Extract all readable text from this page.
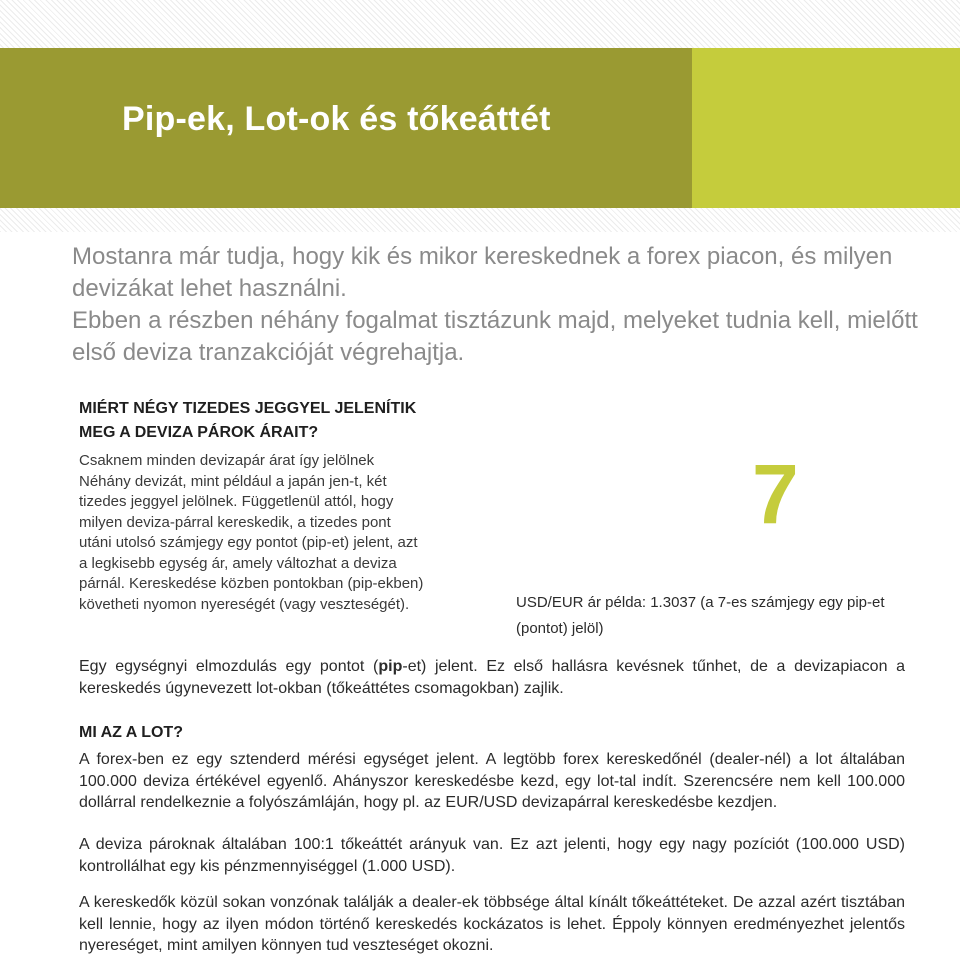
Pip-ek, Lot-ok és tőkeáttét

Mostanra már tudja, hogy kik és mikor kereskednek a forex piacon, és milyen devizákat lehet használni.

Ebben a részben néhány fogalmat tisztázunk majd, melyeket tudnia kell, mielőtt első deviza tranzakcióját végrehajtja.

MIÉRT NÉGY TIZEDES JEGGYEL JELENÍTIK MEG A DEVIZA PÁROK ÁRAIT?

Csaknem minden devizapár árat így jelölnek Néhány devizát, mint például a japán jen-t, két tizedes jeggyel jelölnek. Függetlenül attól, hogy milyen deviza-párral kereskedik, a tizedes pont utáni utolsó számjegy egy pontot (pip-et) jelent, azt a legkisebb egység ár, amely változhat a deviza párnál. Kereskedése közben pontokban (pip-ekben) követheti nyomon nyereségét (vagy veszteségét).

7

USD/EUR ár példa: 1.3037 (a 7-es számjegy egy pip-et (pontot) jelöl)

Egy egységnyi elmozdulás egy pontot (pip-et) jelent. Ez első hallásra kevésnek tűnhet, de a devizapiacon a kereskedés úgynevezett lot-okban (tőkeáttétes csomagokban) zajlik.

MI AZ A LOT?

A forex-ben ez egy sztenderd mérési egységet jelent. A legtöbb forex kereskedőnél (dealer-nél) a lot általában 100.000 deviza értékével egyenlő. Ahányszor kereskedésbe kezd, egy lot-tal indít. Szerencsére nem kell 100.000 dollárral rendelkeznie a folyószámláján, hogy pl. az EUR/USD devizapárral kereskedésbe kezdjen.

A deviza pároknak általában 100:1 tőkeáttét arányuk van. Ez azt jelenti, hogy egy nagy pozíciót (100.000 USD) kontrollálhat egy kis pénzmennyiséggel (1.000 USD).

A kereskedők közül sokan vonzónak találják a dealer-ek többsége által kínált tőkeáttéteket. De azzal azért tisztában kell lennie, hogy az ilyen módon történő kereskedés kockázatos is lehet. Éppoly könnyen eredményezhet jelentős nyereséget, mint amilyen könnyen tud veszteséget okozni.
